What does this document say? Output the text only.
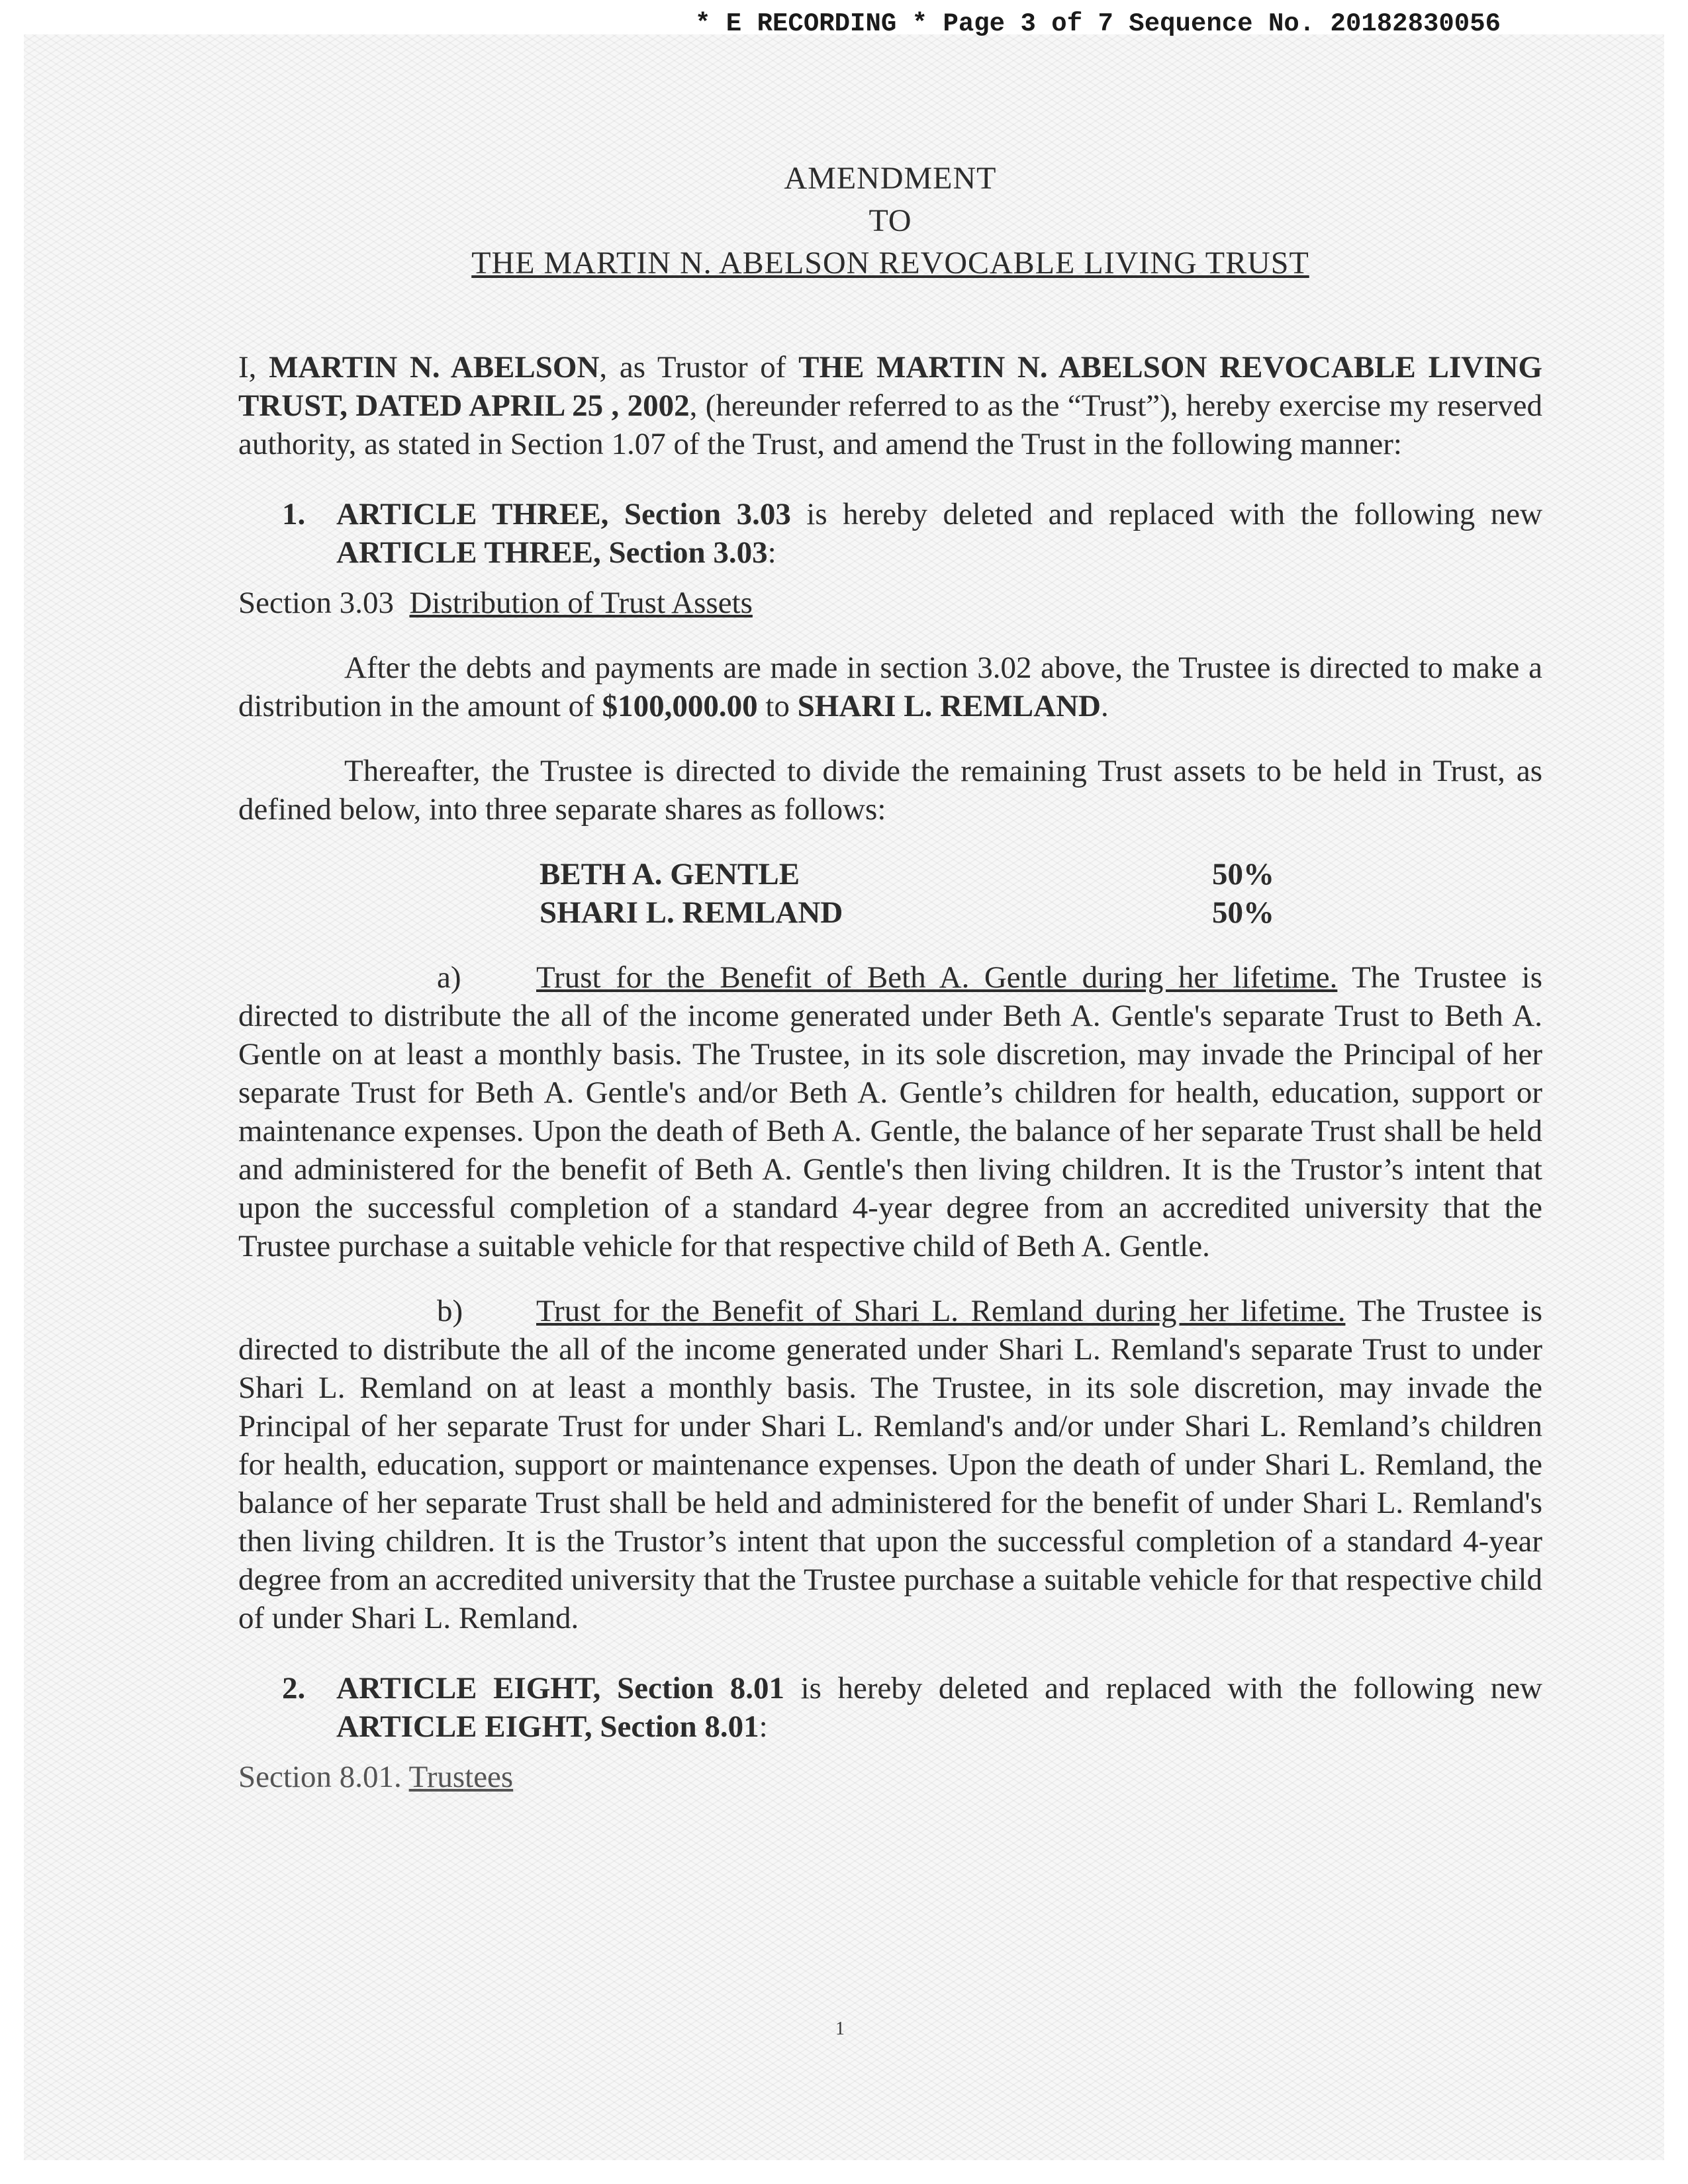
* E RECORDING * Page 3 of 7 Sequence No. 20182830056
AMENDMENT
TO
THE MARTIN N. ABELSON REVOCABLE LIVING TRUST

I, MARTIN N. ABELSON, as Trustor of THE MARTIN N. ABELSON REVOCABLE LIVING TRUST, DATED APRIL 25 , 2002, (hereunder referred to as the “Trust”), hereby exercise my reserved authority, as stated in Section 1.07 of the Trust, and amend the Trust in the following manner:

1. ARTICLE THREE, Section 3.03 is hereby deleted and replaced with the following new ARTICLE THREE, Section 3.03:

Section 3.03 Distribution of Trust Assets

After the debts and payments are made in section 3.02 above, the Trustee is directed to make a distribution in the amount of $100,000.00 to SHARI L. REMLAND.

Thereafter, the Trustee is directed to divide the remaining Trust assets to be held in Trust, as defined below, into three separate shares as follows:

BETH A. GENTLE	50%
SHARI L. REMLAND	50%

a) Trust for the Benefit of Beth A. Gentle during her lifetime. The Trustee is directed to distribute the all of the income generated under Beth A. Gentle's separate Trust to Beth A. Gentle on at least a monthly basis. The Trustee, in its sole discretion, may invade the Principal of her separate Trust for Beth A. Gentle's and/or Beth A. Gentle’s children for health, education, support or maintenance expenses. Upon the death of Beth A. Gentle, the balance of her separate Trust shall be held and administered for the benefit of Beth A. Gentle's then living children. It is the Trustor’s intent that upon the successful completion of a standard 4-year degree from an accredited university that the Trustee purchase a suitable vehicle for that respective child of Beth A. Gentle.

b) Trust for the Benefit of Shari L. Remland during her lifetime. The Trustee is directed to distribute the all of the income generated under Shari L. Remland's separate Trust to under Shari L. Remland on at least a monthly basis. The Trustee, in its sole discretion, may invade the Principal of her separate Trust for under Shari L. Remland's and/or under Shari L. Remland’s children for health, education, support or maintenance expenses. Upon the death of under Shari L. Remland, the balance of her separate Trust shall be held and administered for the benefit of under Shari L. Remland's then living children. It is the Trustor’s intent that upon the successful completion of a standard 4-year degree from an accredited university that the Trustee purchase a suitable vehicle for that respective child of under Shari L. Remland.

2. ARTICLE EIGHT, Section 8.01 is hereby deleted and replaced with the following new ARTICLE EIGHT, Section 8.01:

Section 8.01. Trustees

1
